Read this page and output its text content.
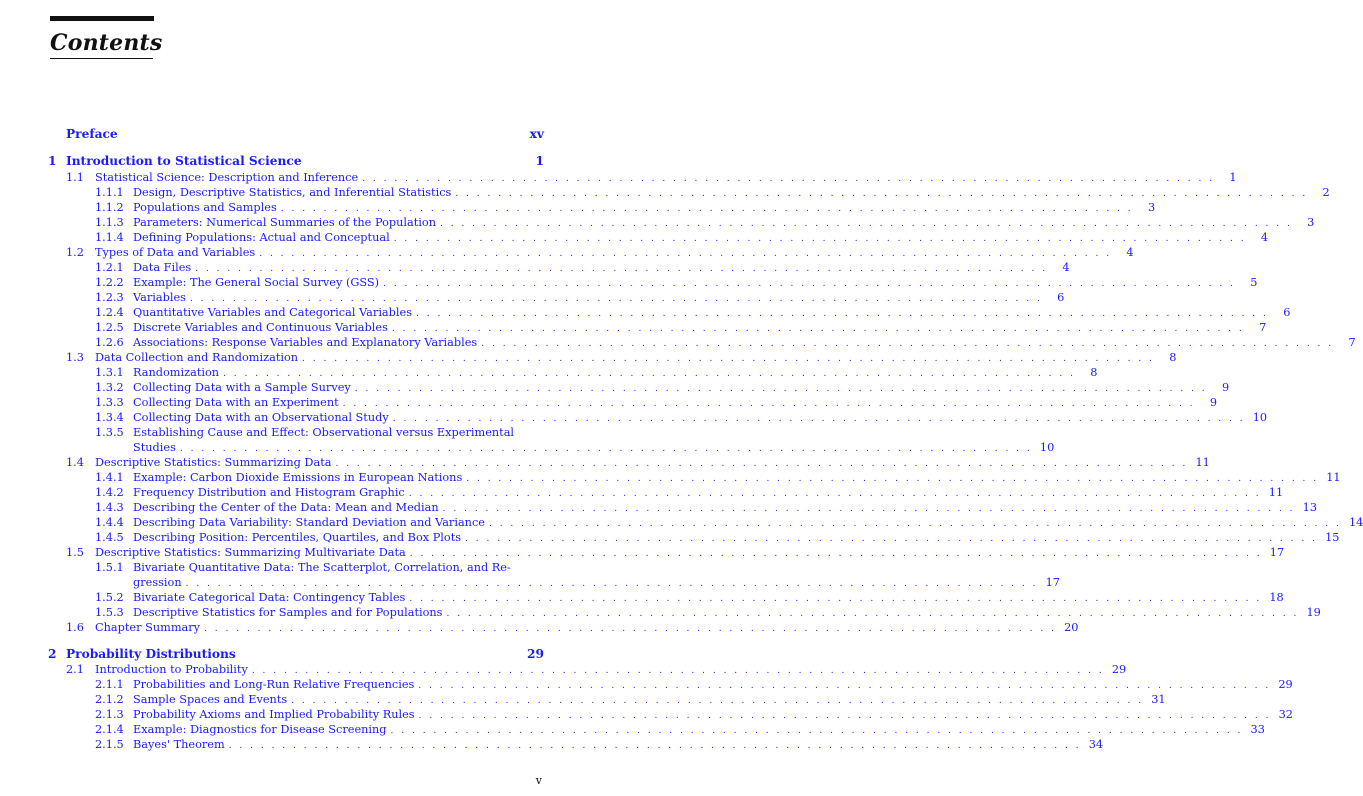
Contents
Preface	xv
1 Introduction to Statistical Science	1
1.1 Statistical Science: Description and Inference . . . . . . . . . . . . . . . . . . . . . . . . . . . . . . . . . . . . . . . . . . . . . . . . . . . . . . . . . . . . . . . . . . . . . . . . . . . . . . . .	1
1.1.1 Design, Descriptive Statistics, and Inferential Statistics . . . . . . . . . . . . . . . . . . . . . . . . . . . . . . . . . . . . . . . . . . . . . . . . . . . . . . . . . . . . . . . . . . . . . . . . . . . . . . . .	2
1.1.2 Populations and Samples . . . . . . . . . . . . . . . . . . . . . . . . . . . . . . . . . . . . . . . . . . . . . . . . . . . . . . . . . . . . . . . . . . . . . . . . . . . . . . . .	3
1.1.3 Parameters: Numerical Summaries of the Population . . . . . . . . . . . . . . . . . . . . . . . . . . . . . . . . . . . . . . . . . . . . . . . . . . . . . . . . . . . . . . . . . . . . . . . . . . . . . . . .	3
1.1.4 Defining Populations: Actual and Conceptual . . . . . . . . . . . . . . . . . . . . . . . . . . . . . . . . . . . . . . . . . . . . . . . . . . . . . . . . . . . . . . . . . . . . . . . . . . . . . . . .	4
1.2 Types of Data and Variables . . . . . . . . . . . . . . . . . . . . . . . . . . . . . . . . . . . . . . . . . . . . . . . . . . . . . . . . . . . . . . . . . . . . . . . . . . . . . . . .	4
1.2.1 Data Files . . . . . . . . . . . . . . . . . . . . . . . . . . . . . . . . . . . . . . . . . . . . . . . . . . . . . . . . . . . . . . . . . . . . . . . . . . . . . . . .	4
1.2.2 Example: The General Social Survey (GSS) . . . . . . . . . . . . . . . . . . . . . . . . . . . . . . . . . . . . . . . . . . . . . . . . . . . . . . . . . . . . . . . . . . . . . . . . . . . . . . . .	5
1.2.3 Variables . . . . . . . . . . . . . . . . . . . . . . . . . . . . . . . . . . . . . . . . . . . . . . . . . . . . . . . . . . . . . . . . . . . . . . . . . . . . . . . .	6
1.2.4 Quantitative Variables and Categorical Variables . . . . . . . . . . . . . . . . . . . . . . . . . . . . . . . . . . . . . . . . . . . . . . . . . . . . . . . . . . . . . . . . . . . . . . . . . . . . . . . .	6
1.2.5 Discrete Variables and Continuous Variables . . . . . . . . . . . . . . . . . . . . . . . . . . . . . . . . . . . . . . . . . . . . . . . . . . . . . . . . . . . . . . . . . . . . . . . . . . . . . . . .	7
1.2.6 Associations: Response Variables and Explanatory Variables . . . . . . . . . . . . . . . . . . . . . . . . . . . . . . . . . . . . . . . . . . . . . . . . . . . . . . . . . . . . . . . . . . . . . . . . . . . . . . . .	7
1.3 Data Collection and Randomization . . . . . . . . . . . . . . . . . . . . . . . . . . . . . . . . . . . . . . . . . . . . . . . . . . . . . . . . . . . . . . . . . . . . . . . . . . . . . . . .	8
1.3.1 Randomization . . . . . . . . . . . . . . . . . . . . . . . . . . . . . . . . . . . . . . . . . . . . . . . . . . . . . . . . . . . . . . . . . . . . . . . . . . . . . . . .	8
1.3.2 Collecting Data with a Sample Survey . . . . . . . . . . . . . . . . . . . . . . . . . . . . . . . . . . . . . . . . . . . . . . . . . . . . . . . . . . . . . . . . . . . . . . . . . . . . . . . .	9
1.3.3 Collecting Data with an Experiment . . . . . . . . . . . . . . . . . . . . . . . . . . . . . . . . . . . . . . . . . . . . . . . . . . . . . . . . . . . . . . . . . . . . . . . . . . . . . . . .	9
1.3.4 Collecting Data with an Observational Study . . . . . . . . . . . . . . . . . . . . . . . . . . . . . . . . . . . . . . . . . . . . . . . . . . . . . . . . . . . . . . . . . . . . . . . . . . . . . . . . 10
1.3.5 Establishing Cause and Effect: Observational versus Experimental
Studies . . . . . . . . . . . . . . . . . . . . . . . . . . . . . . . . . . . . . . . . . . . . . . . . . . . . . . . . . . . . . . . . . . . . . . . . . . . . . . . . 10
1.4 Descriptive Statistics: Summarizing Data . . . . . . . . . . . . . . . . . . . . . . . . . . . . . . . . . . . . . . . . . . . . . . . . . . . . . . . . . . . . . . . . . . . . . . . . . . . . . . . . 11
1.4.1 Example: Carbon Dioxide Emissions in European Nations . . . . . . . . . . . . . . . . . . . . . . . . . . . . . . . . . . . . . . . . . . . . . . . . . . . . . . . . . . . . . . . . . . . . . . . . . . . . . . . . 11
1.4.2 Frequency Distribution and Histogram Graphic . . . . . . . . . . . . . . . . . . . . . . . . . . . . . . . . . . . . . . . . . . . . . . . . . . . . . . . . . . . . . . . . . . . . . . . . . . . . . . . . 11
1.4.3 Describing the Center of the Data: Mean and Median . . . . . . . . . . . . . . . . . . . . . . . . . . . . . . . . . . . . . . . . . . . . . . . . . . . . . . . . . . . . . . . . . . . . . . . . . . . . . . . . 13
1.4.4 Describing Data Variability: Standard Deviation and Variance . . . . . . . . . . . . . . . . . . . . . . . . . . . . . . . . . . . . . . . . . . . . . . . . . . . . . . . . . . . . . . . . . . . . . . . . . . . . . . . . 14
1.4.5 Describing Position: Percentiles, Quartiles, and Box Plots . . . . . . . . . . . . . . . . . . . . . . . . . . . . . . . . . . . . . . . . . . . . . . . . . . . . . . . . . . . . . . . . . . . . . . . . . . . . . . . . 15
1.5 Descriptive Statistics: Summarizing Multivariate Data . . . . . . . . . . . . . . . . . . . . . . . . . . . . . . . . . . . . . . . . . . . . . . . . . . . . . . . . . . . . . . . . . . . . . . . . . . . . . . . . 17
1.5.1 Bivariate Quantitative Data: The Scatterplot, Correlation, and Re-
gression . . . . . . . . . . . . . . . . . . . . . . . . . . . . . . . . . . . . . . . . . . . . . . . . . . . . . . . . . . . . . . . . . . . . . . . . . . . . . . . . 17
1.5.2 Bivariate Categorical Data: Contingency Tables . . . . . . . . . . . . . . . . . . . . . . . . . . . . . . . . . . . . . . . . . . . . . . . . . . . . . . . . . . . . . . . . . . . . . . . . . . . . . . . . 18
1.5.3 Descriptive Statistics for Samples and for Populations . . . . . . . . . . . . . . . . . . . . . . . . . . . . . . . . . . . . . . . . . . . . . . . . . . . . . . . . . . . . . . . . . . . . . . . . . . . . . . . . 19
1.6 Chapter Summary . . . . . . . . . . . . . . . . . . . . . . . . . . . . . . . . . . . . . . . . . . . . . . . . . . . . . . . . . . . . . . . . . . . . . . . . . . . . . . . . 20
2 Probability Distributions	29
2.1 Introduction to Probability . . . . . . . . . . . . . . . . . . . . . . . . . . . . . . . . . . . . . . . . . . . . . . . . . . . . . . . . . . . . . . . . . . . . . . . . . . . . . . . . 29
2.1.1 Probabilities and Long-Run Relative Frequencies . . . . . . . . . . . . . . . . . . . . . . . . . . . . . . . . . . . . . . . . . . . . . . . . . . . . . . . . . . . . . . . . . . . . . . . . . . . . . . . . 29
2.1.2 Sample Spaces and Events . . . . . . . . . . . . . . . . . . . . . . . . . . . . . . . . . . . . . . . . . . . . . . . . . . . . . . . . . . . . . . . . . . . . . . . . . . . . . . . . 31
2.1.3 Probability Axioms and Implied Probability Rules . . . . . . . . . . . . . . . . . . . . . . . . . . . . . . . . . . . . . . . . . . . . . . . . . . . . . . . . . . . . . . . . . . . . . . . . . . . . . . . . 32
2.1.4 Example: Diagnostics for Disease Screening . . . . . . . . . . . . . . . . . . . . . . . . . . . . . . . . . . . . . . . . . . . . . . . . . . . . . . . . . . . . . . . . . . . . . . . . . . . . . . . . 33
2.1.5 Bayes' Theorem . . . . . . . . . . . . . . . . . . . . . . . . . . . . . . . . . . . . . . . . . . . . . . . . . . . . . . . . . . . . . . . . . . . . . . . . . . . . . . . . 34
v
